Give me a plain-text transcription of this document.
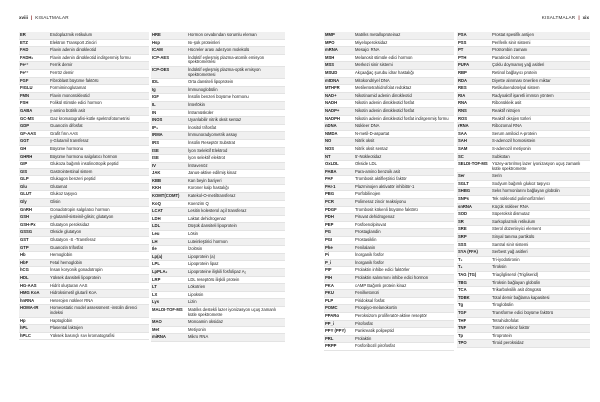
xviii | KISALTMALAR
ER	Endoplazmik retikulum
ETZ	Elektron Transport Zinciri
FAD	Flavin adenin dinükleotid
FADH₂	Flavin adenin dinükleotid indirgenmiş formu
Fe³⁺	Ferrik demir
Fe²⁺	Ferröz demir
FGF	Fibroblast büyüme faktörü
FIGLU	Formiminoglutamat
FMN	Flavin mononükleotid
FSH	Folikül stimüle edici hormon
GABA	γ-amino bütirik asit
GC-MS	Gaz kromatografisi-kütle spektrofotometrisi
GDP	Guanozin difosfat
GF-AAS	Grafit fırın AAS
GGT	γ-Glutamil transferaz
GH	Büyüme hormonu
GHRH	Büyüme hormonu salgılatıcı hormon
GIP	Glukoza bağımlı insülinotropik peptid
GIS	Gastrointestinal sistem
GLP	Glukagon benzeri peptid
Glu	Glutamat
GLUT	Glukoz taşıyıcı
Gly	Glisin
GnRH	Gonadotropin salgılatıcı hormon
GSH	γ-glutamil-sisteinil-glisin; glutatyon
GSH-Px	Glutatyon peroksidaz
GSSG	Okside glutatyon
GST	Glutatyon -S -Transferaz
GTP	Guanozin trifosfat
Hb	Hemoglobin
HbF	Fetal hemoglobin
hCG	İnsan koryonik gonadotropin
HDL	Yüksek dansiteli lipoprotein
HG-AAS	Hidrit oluşturan AAS
HMG KoA	Hidroksimetil glutaril KoA
hnRNA	Heterojen nükleer RNA
HOMA-IR	Homeostatic model assessment -insülin direnci indeksi
Hp	Haptoglobin
hPL	Plasental laktojen
hPLC	Yüksek basınçlı sıvı kromatografisi
HRE	Hormon cevabından sorumlu eleman
Hsp	Isı-şok proteinleri
ICAM	Hücreler arası adezyon molekülü
ICP-AES	İndüktif eşleşmiş plazma-atomik emisyon spektrometresi
ICP-OES	İndüktif eşleşmiş plazma-optik emisyon spektrometresi
IDL	Orta dansiteli lipoprotein
Ig	İmmunoglobülin
IGF	İnsülin benzeri büyüme hormonu
IL	İnterlökin
IN	İntramüsküler
INOS	Uyarılabilir nitrik oksit sentaz
IP₃	İnositol trifosfat
IRMA	İmmunoradyometrik assay
IRS	İnsülin Reseptör Substrat
ISE	İyon Selektif Elektrod
ISE	İyon selektif elektrot
IV	İntravenöz
JAK	Janus-aktive edilmiş kinaz
KBB	Kan beyin bariyeri
KKH	Koroner kalp hastalığı
KOMT(COMT)	Katekol-O-metiltransferaz
KoQ	Koenzim Q
LCAT	Lesitin kolesterol açil transferaz
LDH	Laktat dehidrogenaz
LDL	Düşük dansiteli lipoprotein
Leu	Lösin
LH	Luteinleştirici hormon
Ile	İzolösin
Lp(a)	Lipoprotein (a)
LPL	Lipoprotein lipaz
LpPLA₂	Lipoproteine ilişkili fosfolipaz A₂
LRP	LDL reseptörü ilişkili protein
LT	Lökotrien
LX	Lipoksin
Lys	Lizin
MALDI-TOF-MS	Matriks destekli lazer iyonizasyon uçuş zamanlı kütle spektrometre
MAO	Monoamin oksidaz
Met	Metiyonin
miRNA	Mikro RNA
KISALTMALAR | xix
MMP	Matriks metalloproteinaz
MPO	Miyeloperoksidaz
mRNA	Mesajcı RNA
MSH	Melanosit stimüle edici hormon
MSS	Merkezi sinir sistemi
MSUD	Akçaağaç şurubu idrar hastalığı
mtDNA	Mitokondriyel DNA
MTHFR	Metilentetrahidrofolat redüktaz
NAD+	Nikotinamid adenin dinükleotid
NADH	Nikotin adenin dinükleotid fosfat
NADP+	Nikotin adenin dinükleotid fosfat
NADPH	Nikotin adenin dinükleotid fosfat indirgenmiş formu
nDNA	Nükleer DNA
NMDA	N-metil-D-aspartat
NO	Nitrik oksit
NOS	Nitrik oksit sentaz
NT	5'-Nükleotidaz
OxLDL	Okside LDL
PABA	Para-amino benzoik asit
PAF	Trombosit aktifleştirici faktör
PAI-1	Plazminojen aktivatör inhibitör-1
PBG	Porfobilinojen
PCR	Polimeraz zincir reaksiyonu
PDGF	Trombosit kökenli büyüme faktörü
PDH	Piruvat dehidrogenaz
PEP	Fosfoenolpiruvat
PG	Prostaglandin
PGI	Prostasiklin
Phe	Fenilalanin
Pi	İnorganik fosfor
P_i	İnorganik fosfor
PIF	Prolaktin inhibe edici faktörler
PIH	Prolaktin salınımını inhibe edici hormon
PKA	cAMP Bağımlı protein kinaz
PKU	Fenilketonüri
PLP	Piridoksal fosfat
POMC	Proopiyo-melanokortin
PPARα	Peroksizom proliferatör-aktive reseptör
PP_i	Pirofosfat
PPY (PPY)	Pankreatik polipeptid
PRL	Prolaktin
PRPP	Fosforibozil pirofosfat
PSA	Prostat spesifik antijen
PSS	Periferik sinir sistemi
PT	Protrombin zamanı
PTH	Paratiroid hormon
PUFA	Çoklu doymamış yağ asitleri
RBP	Retinol bağlayıcı protein
RDA	Diyette alınması önerilen miktar
RES	Retikuloendotelyal sistem
RIA	Radyoaktif işaretli immün yöntem
RNA	Ribonükleik asit
RNS	Reaktif nitrojen
ROS	Reaktif oksijen türleri
rRNA	Ribozomal RNA
SAA	Serum amiloid A-protein
SAH	S-adenozil homosistein
SAM	S-adenozil metiyonin
SC	Subkütan
SELDI-TOF-MS	Yüzey-artırılmış lazer iyonizasyon uçuş zamanlı kütle spektrometre
Ser	Serin
SGLT	Sodyum bağımlı glukoz taşıyıcı
SHBG	Seks hormonlarını bağlayan globülin
SNPs	Tek nükleotid polimorfizmleri
snRNA	Küçük nükleer RNA
SOD	Süperoksit dismutaz
SR	Sarkoplazmik retikulum
SRE	Sterol düzenleyici element
SRP	Sinyal tanıma partikülü
SSS	Santral sinir sistemi
SYA (FFA)	Serbest yağ asitleri
T₃	Tri-iyodotironin
T₄	Tiroksin
TAG (TG)	Triaçilgliserol (Trigliserid)
TBG	Tiroksin bağlayan globülin
TCA	Trikarboksilik asit döngüsü
TDBK	Total demir bağlama kapasitesi
Tg	Tiroglobülin
TGF	Transforme edici büyüme faktörü
THF	Tetrahidrofolat
TNF	Tümör nekroz faktör
Tp	Tiroprotein
TPO	Tiroid peroksidaz
